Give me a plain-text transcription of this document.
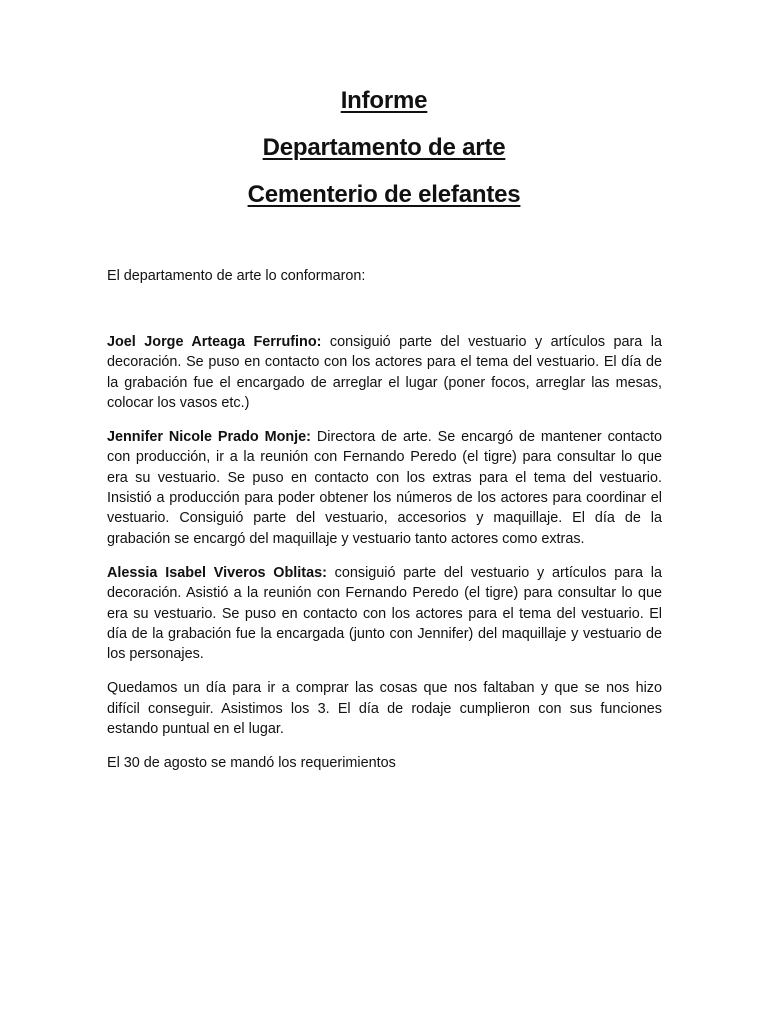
Informe
Departamento de arte
Cementerio de elefantes
El departamento de arte lo conformaron:

Joel Jorge Arteaga Ferrufino: consiguió parte del vestuario y artículos para la decoración. Se puso en contacto con los actores para el tema del vestuario. El día de la grabación fue el encargado de arreglar el lugar (poner focos, arreglar las mesas, colocar los vasos etc.)

Jennifer Nicole Prado Monje: Directora de arte. Se encargó de mantener contacto con producción, ir a la reunión con Fernando Peredo (el tigre) para consultar lo que era su vestuario. Se puso en contacto con los extras para el tema del vestuario. Insistió a producción para poder obtener los números de los actores para coordinar el vestuario. Consiguió parte del vestuario, accesorios y maquillaje. El día de la grabación se encargó del maquillaje y vestuario tanto actores como extras.

Alessia Isabel Viveros Oblitas: consiguió parte del vestuario y artículos para la decoración. Asistió a la reunión con Fernando Peredo (el tigre) para consultar lo que era su vestuario. Se puso en contacto con los actores para el tema del vestuario. El día de la grabación fue la encargada (junto con Jennifer) del maquillaje y vestuario de los personajes.

Quedamos un día para ir a comprar las cosas que nos faltaban y que se nos hizo difícil conseguir. Asistimos los 3. El día de rodaje cumplieron con sus funciones estando puntual en el lugar.

El 30 de agosto se mandó los requerimientos
